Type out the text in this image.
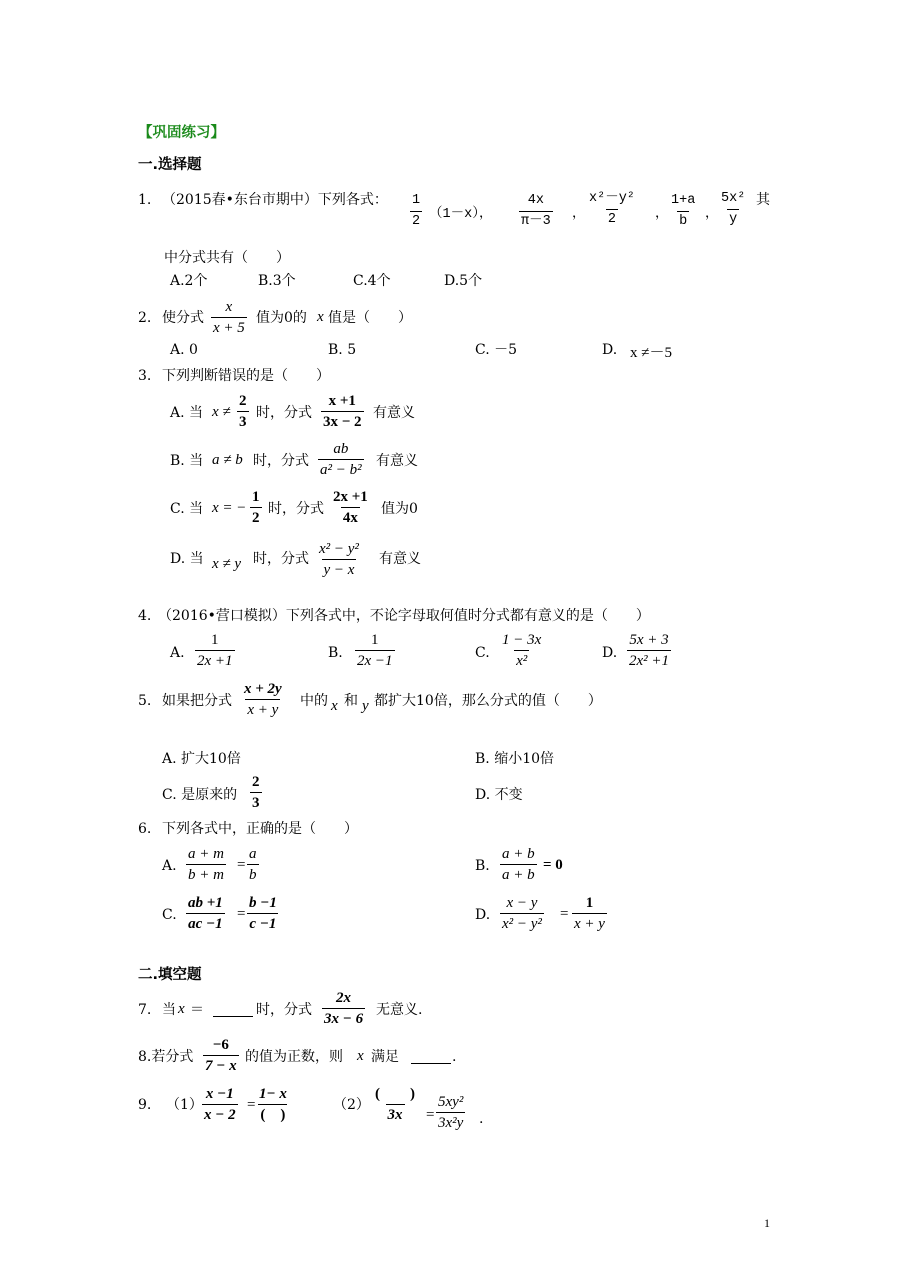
【巩固练习】
一.选择题
1. （2015春•东台市期中）下列各式： $\frac{1}{2} (1-x)$， $\frac{4x}{\pi-3}$ ， $\frac{\text{x²－y²}}{2}$ ， $\frac{1+a}{b}$ ， $\frac{\text{5x²}}{y}$ 其
中分式共有（　　）
A.2个	B.3个	C.4个	D.5个
2. 使分式 $\frac{x}{x + 5}$ 值为0的 x 值是（　　）
A. 0	B. 5	C. －5	D. x ≠－5
3. 下列判断错误的是（　　）
A. 当 $x \ne \frac{2}{3}$ 时，分式 $\frac{x +1}{3x - 2}$ 有意义
B. 当 a ≠ b 时，分式 $\frac{ab}{\text{a² − b²}}$ 有意义
C. 当 x = − $\frac{1}{2}$ 时，分式 $\frac{2x +1}{4x}$ 值为0
D. 当 x ≠ y 时，分式 $\frac{\text{x² − y²}}{y - x}$ 有意义
4. （2016•营口模拟）下列各式中，不论字母取何值时分式都有意义的是（　　）
A. $\frac{1}{2x +1}$	B. $\frac{1}{2x -1}$	C. $\frac{1 - 3x}{\text{x²}}$	D. $\frac{5x + 3}{\text{2x² +1}}$
5. 如果把分式 $\frac{x + 2y}{x + y}$ 中的 x 和 y 都扩大10倍，那么分式的值（　　）
A. 扩大10倍	B. 缩小10倍
C. 是原来的 $\frac{2}{3}$	D. 不变
6. 下列各式中，正确的是（　　）
A. $\frac{a + m}{b + m} = \frac{a}{b}$	B. $\frac{a + b}{a + b} = 0$
C. $\frac{ab +1}{ac -1} = \frac{b -1}{c -1}$	D. $\frac{x - y}{\text{x² − y²}} = \frac{1}{x + y}$
二.填空题
7. 当 x ＝	时，分式 $\frac{2x}{3x - 6}$ 无意义.
8.若分式 $\frac{-6}{7 - x}$ 的值为正数，则 x 满足	.
9. $(1) \frac{x -1}{x - 2}$ =
1− x
(　)
（2）
(　　)
$3x = \frac{\text{5xy²}}{\text{3x²y}}$ .
1
